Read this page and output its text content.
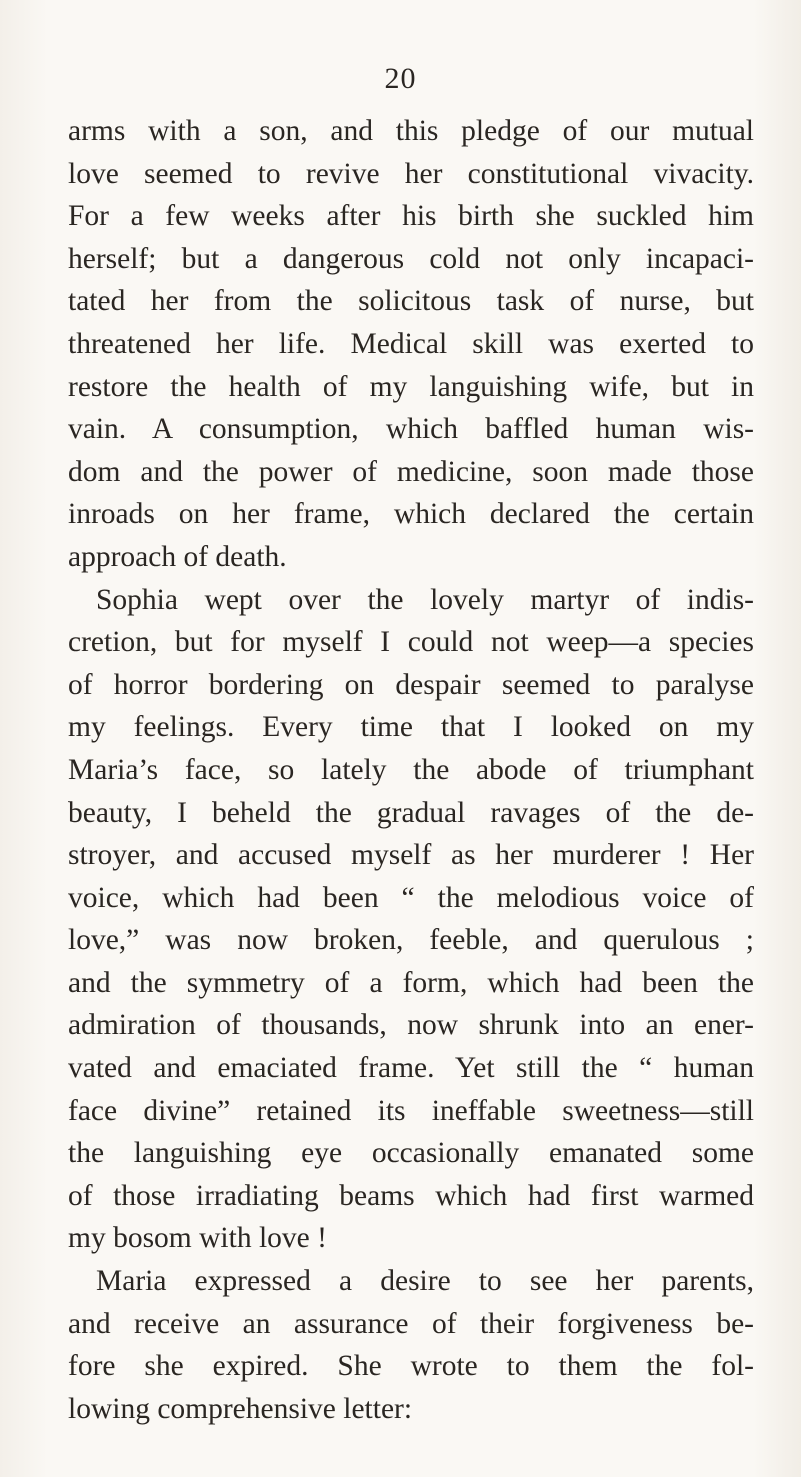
20
arms with a son, and this pledge of our mutual
love seemed to revive her constitutional vivacity.
For a few weeks after his birth she suckled him
herself; but a dangerous cold not only incapaci-
tated her from the solicitous task of nurse, but
threatened her life. Medical skill was exerted to
restore the health of my languishing wife, but in
vain. A consumption, which baffled human wis-
dom and the power of medicine, soon made those
inroads on her frame, which declared the certain
approach of death.
Sophia wept over the lovely martyr of indis-
cretion, but for myself I could not weep—a species
of horror bordering on despair seemed to paralyse
my feelings. Every time that I looked on my
Maria’s face, so lately the abode of triumphant
beauty, I beheld the gradual ravages of the de-
stroyer, and accused myself as her murderer ! Her
voice, which had been “ the melodious voice of
love,” was now broken, feeble, and querulous ;
and the symmetry of a form, which had been the
admiration of thousands, now shrunk into an ener-
vated and emaciated frame. Yet still the “ human
face divine” retained its ineffable sweetness—still
the languishing eye occasionally emanated some
of those irradiating beams which had first warmed
my bosom with love !
Maria expressed a desire to see her parents,
and receive an assurance of their forgiveness be-
fore she expired. She wrote to them the fol-
lowing comprehensive letter:
